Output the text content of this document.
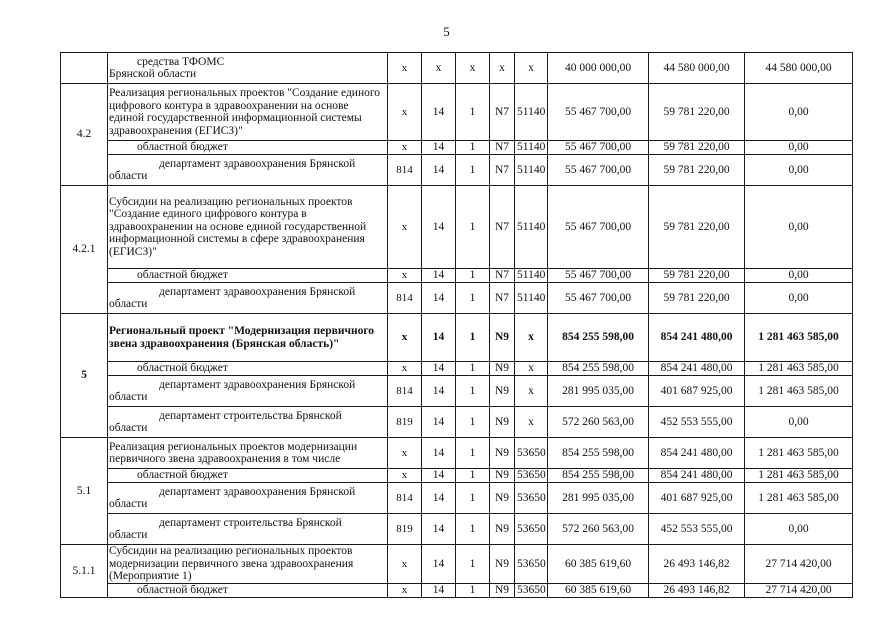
5

	средства ТФОМС
Брянской области	x	x	x	x	x	40 000 000,00	44 580 000,00	44 580 000,00
4.2	Реализация региональных проектов "Создание единого цифрового контура в здравоохранении на основе единой государственной информационной системы здравоохранения (ЕГИСЗ)"	x	14	1	N7	51140	55 467 700,00	59 781 220,00	0,00

	областной бюджет	x	14	1	N7	51140	55 467 700,00	59 781 220,00	0,00

	департамент здравоохранения Брянской
области	814	14	1	N7	51140	55 467 700,00	59 781 220,00	0,00
4.2.1	Субсидии на реализацию региональных проектов "Создание единого цифрового контура в здравоохранении на основе единой государственной информационной системы в сфере здравоохранения (ЕГИСЗ)"	x	14	1	N7	51140	55 467 700,00	59 781 220,00	0,00

	областной бюджет	x	14	1	N7	51140	55 467 700,00	59 781 220,00	0,00

	департамент здравоохранения Брянской
области	814	14	1	N7	51140	55 467 700,00	59 781 220,00	0,00
5	Региональный проект "Модернизация первичного звена здравоохранения (Брянская область)"	x	14	1	N9	x	854 255 598,00	854 241 480,00	1 281 463 585,00

	областной бюджет	x	14	1	N9	x	854 255 598,00	854 241 480,00	1 281 463 585,00

	департамент здравоохранения Брянской
области	814	14	1	N9	x	281 995 035,00	401 687 925,00	1 281 463 585,00

	департамент строительства Брянской
области	819	14	1	N9	x	572 260 563,00	452 553 555,00	0,00
5.1	Реализация региональных проектов модернизации первичного звена здравоохранения в том числе	x	14	1	N9	53650	854 255 598,00	854 241 480,00	1 281 463 585,00

	областной бюджет	x	14	1	N9	53650	854 255 598,00	854 241 480,00	1 281 463 585,00

	департамент здравоохранения Брянской
области	814	14	1	N9	53650	281 995 035,00	401 687 925,00	1 281 463 585,00

	департамент строительства Брянской
области	819	14	1	N9	53650	572 260 563,00	452 553 555,00	0,00
5.1.1	Субсидии на реализацию региональных проектов модернизации первичного звена здравоохранения (Мероприятие 1)	x	14	1	N9	53650	60 385 619,60	26 493 146,82	27 714 420,00

	областной бюджет	x	14	1	N9	53650	60 385 619,60	26 493 146,82	27 714 420,00
